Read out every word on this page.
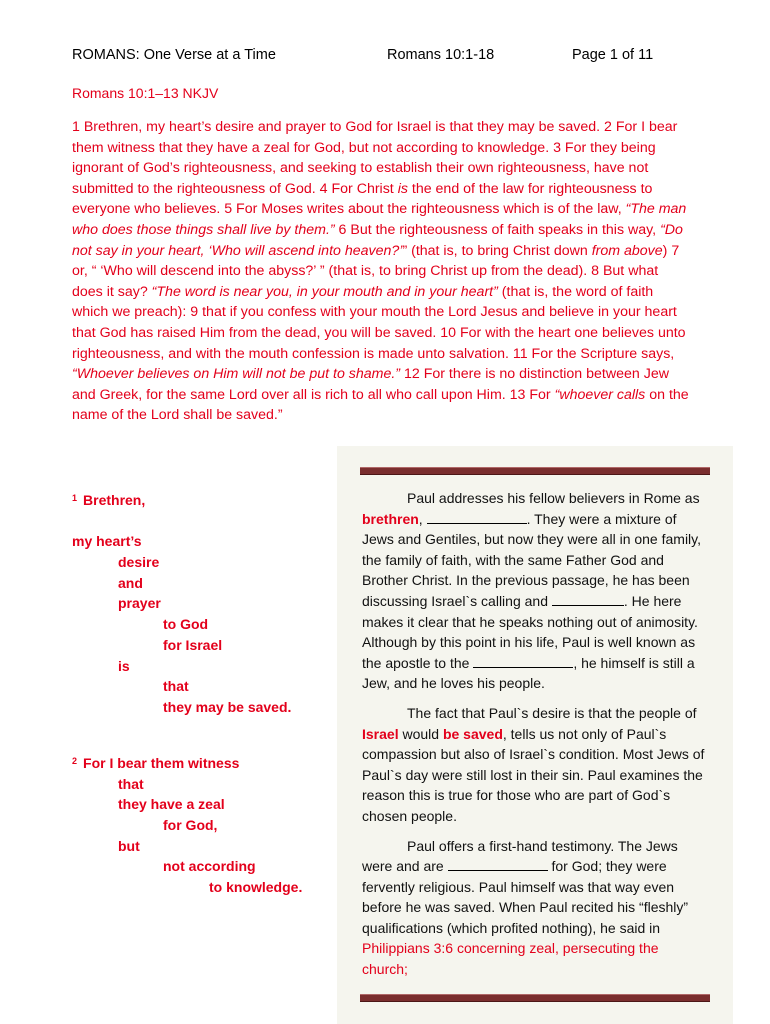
ROMANS: One Verse at a Time	Romans 10:1-18	Page 1 of 11
Romans 10:1–13 NKJV
1 Brethren, my heart’s desire and prayer to God for Israel is that they may be saved. 2 For I bear them witness that they have a zeal for God, but not according to knowledge. 3 For they being ignorant of God’s righteousness, and seeking to establish their own righteousness, have not submitted to the righteousness of God. 4 For Christ is the end of the law for righteousness to everyone who believes. 5 For Moses writes about the righteousness which is of the law, “The man who does those things shall live by them.” 6 But the righteousness of faith speaks in this way, “Do not say in your heart, ‘Who will ascend into heaven?’” (that is, to bring Christ down from above) 7 or, “ ‘Who will descend into the abyss?’ ” (that is, to bring Christ up from the dead). 8 But what does it say? “The word is near you, in your mouth and in your heart” (that is, the word of faith which we preach): 9 that if you confess with your mouth the Lord Jesus and believe in your heart that God has raised Him from the dead, you will be saved. 10 For with the heart one believes unto righteousness, and with the mouth confession is made unto salvation. 11 For the Scripture says, “Whoever believes on Him will not be put to shame.” 12 For there is no distinction between Jew and Greek, for the same Lord over all is rich to all who call upon Him. 13 For “whoever calls on the name of the Lord shall be saved.”
$^1$ Brethren,
my heart’s
desire
and
prayer
to God
for Israel
is
that
they may be saved.
$^2$ For I bear them witness
that
they have a zeal
for God,
but
not according
to knowledge.

Paul addresses his fellow believers in Rome as brethren,	. They were a mixture of Jews and Gentiles, but now they were all in one family, the family of faith, with the same Father God and Brother Christ. In the previous passage, he has been discussing Israel`s calling and	. He here makes it clear that he speaks nothing out of animosity. Although by this point in his life, Paul is well known as the apostle to the	, he himself is still a Jew, and he loves his people.

The fact that Paul`s desire is that the people of Israel would be saved, tells us not only of Paul`s compassion but also of Israel`s condition. Most Jews of Paul`s day were still lost in their sin. Paul examines the reason this is true for those who are part of God`s chosen people.

Paul offers a first-hand testimony. The Jews were and are	for God; they were fervently religious. Paul himself was that way even before he was saved. When Paul recited his “fleshly” qualifications (which profited nothing), he said in Philippians 3:6 concerning zeal, persecuting the church;
